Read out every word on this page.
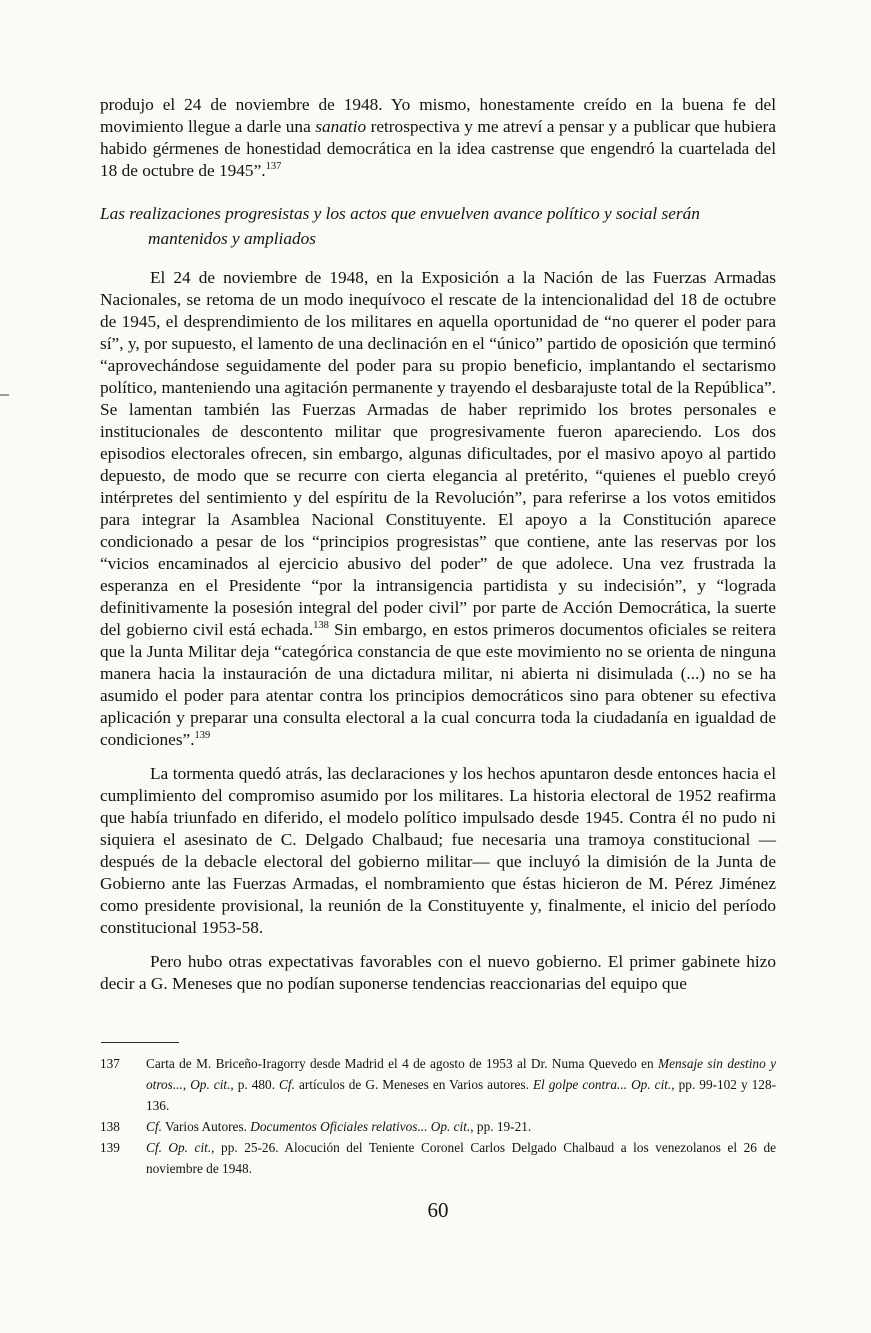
produjo el 24 de noviembre de 1948. Yo mismo, honestamente creído en la buena fe del movimiento llegue a darle una sanatio retrospectiva y me atreví a pensar y a publicar que hubiera habido gérmenes de honestidad democrática en la idea castrense que engendró la cuartelada del 18 de octubre de 1945”.$^{137}$

Las realizaciones progresistas y los actos que envuelven avance político y social serán mantenidos y ampliados

El 24 de noviembre de 1948, en la Exposición a la Nación de las Fuerzas Armadas Nacionales, se retoma de un modo inequívoco el rescate de la intencionalidad del 18 de octubre de 1945, el desprendimiento de los militares en aquella oportunidad de “no querer el poder para sí”, y, por supuesto, el lamento de una declinación en el “único” partido de oposición que terminó “aprovechándose seguidamente del poder para su propio beneficio, implantando el sectarismo político, manteniendo una agitación permanente y trayendo el desbarajuste total de la República”. Se lamentan también las Fuerzas Armadas de haber reprimido los brotes personales e institucionales de descontento militar que progresivamente fueron apareciendo. Los dos episodios electorales ofrecen, sin embargo, algunas dificultades, por el masivo apoyo al partido depuesto, de modo que se recurre con cierta elegancia al pretérito, “quienes el pueblo creyó intérpretes del sentimiento y del espíritu de la Revolución”, para referirse a los votos emitidos para integrar la Asamblea Nacional Constituyente. El apoyo a la Constitución aparece condicionado a pesar de los “principios progresistas” que contiene, ante las reservas por los “vicios encaminados al ejercicio abusivo del poder” de que adolece. Una vez frustrada la esperanza en el Presidente “por la intransigencia partidista y su indecisión”, y “lograda definitivamente la posesión integral del poder civil” por parte de Acción Democrática, la suerte del gobierno civil está echada.$^{138}$ Sin embargo, en estos primeros documentos oficiales se reitera que la Junta Militar deja “categórica constancia de que este movimiento no se orienta de ninguna manera hacia la instauración de una dictadura militar, ni abierta ni disimulada (...) no se ha asumido el poder para atentar contra los principios democráticos sino para obtener su efectiva aplicación y preparar una consulta electoral a la cual concurra toda la ciudadanía en igualdad de condiciones”.$^{139}$

La tormenta quedó atrás, las declaraciones y los hechos apuntaron desde entonces hacia el cumplimiento del compromiso asumido por los militares. La historia electoral de 1952 reafirma que había triunfado en diferido, el modelo político impulsado desde 1945. Contra él no pudo ni siquiera el asesinato de C. Delgado Chalbaud; fue necesaria una tramoya constitucional —después de la debacle electoral del gobierno militar— que incluyó la dimisión de la Junta de Gobierno ante las Fuerzas Armadas, el nombramiento que éstas hicieron de M. Pérez Jiménez como presidente provisional, la reunión de la Constituyente y, finalmente, el inicio del período constitucional 1953-58.

Pero hubo otras expectativas favorables con el nuevo gobierno. El primer gabinete hizo decir a G. Meneses que no podían suponerse tendencias reaccionarias del equipo que

137	Carta de M. Briceño-Iragorry desde Madrid el 4 de agosto de 1953 al Dr. Numa Quevedo en Mensaje sin destino y otros..., Op. cit., p. 480. Cf. artículos de G. Meneses en Varios autores. El golpe contra... Op. cit., pp. 99-102 y 128-136.
138	Cf. Varios Autores. Documentos Oficiales relativos... Op. cit., pp. 19-21.
139	Cf. Op. cit., pp. 25-26. Alocución del Teniente Coronel Carlos Delgado Chalbaud a los venezolanos el 26 de noviembre de 1948.
60
